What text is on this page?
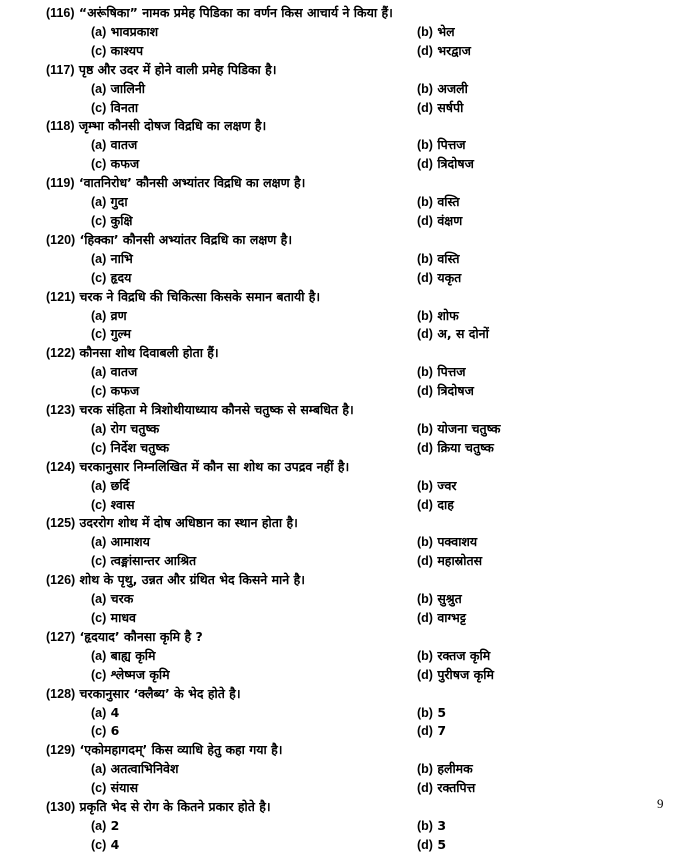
(116) “अरूंषिका” नामक प्रमेह पिडिका का वर्णन किस आचार्य ने किया हैं।
(a) भावप्रकाश	(b) भेल
(c) काश्यप	(d) भरद्वाज
(117) पृष्ठ और उदर में होने वाली प्रमेह पिडिका है।
(a) जालिनी	(b) अजली
(c) विनता	(d) सर्षपी
(118) जृम्भा कौनसी दोषज विद्रधि का लक्षण है।
(a) वातज	(b) पित्तज
(c) कफज	(d) त्रिदोषज
(119) ‘वातनिरोध’ कौनसी अभ्यांतर विद्रधि का लक्षण है।
(a) गुदा	(b) वस्ति
(c) कुक्षि	(d) वंक्षण
(120) ‘हिक्का’ कौनसी अभ्यांतर विद्रधि का लक्षण है।
(a) नाभि	(b) वस्ति
(c) हृदय	(d) यकृत
(121) चरक ने विद्रधि की चिकित्सा किसके समान बतायी है।
(a) व्रण	(b) शोफ
(c) गुल्म	(d) अ, स दोनों
(122) कौनसा शोथ दिवाबली होता हैं।
(a) वातज	(b) पित्तज
(c) कफज	(d) त्रिदोषज
(123) चरक संहिता मे त्रिशोथीयाध्याय कौनसे चतुष्क से सम्बधित है।
(a) रोग चतुष्क	(b) योजना चतुष्क
(c) निर्देश चतुष्क	(d) क्रिया चतुष्क
(124) चरकानुसार निम्नलिखित में कौन सा शोथ का उपद्रव नहीं है।
(a) छर्दि	(b) ज्वर
(c) श्वास	(d) दाह
(125) उदररोग शोथ में दोष अधिष्ठान का स्थान होता है।
(a) आमाशय	(b) पक्वाशय
(c) त्वङ्मांसान्तर आश्रित	(d) महास्रोतस
(126) शोथ के पृथु, उन्नत और ग्रंथित भेद किसने माने है।
(a) चरक	(b) सुश्रुत
(c) माधव	(d) वाग्भट्ट
(127) ‘हृदयाद’ कौनसा कृमि है ?
(a) बाह्य कृमि	(b) रक्तज कृमि
(c) श्लेष्मज कृमि	(d) पुरीषज कृमि
(128) चरकानुसार ‘क्लैब्य’ के भेद होते है।
(a) 4	(b) 5
(c) 6	(d) 7
(129) ‘एकोमहागदम्’ किस व्याधि हेतु कहा गया है।
(a) अतत्वाभिनिवेश	(b) हलीमक
(c) संयास	(d) रक्तपित्त
(130) प्रकृति भेद से रोग के कितने प्रकार होते है।
(a) 2	(b) 3
(c) 4	(d) 5
9
